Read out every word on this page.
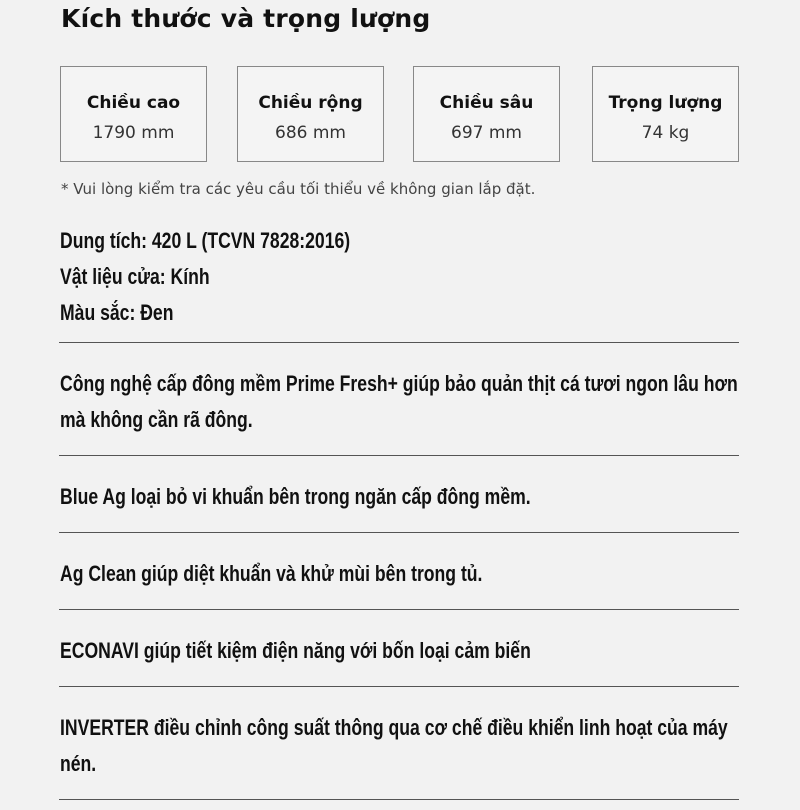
Kích thước và trọng lượng
Chiều cao
1790 mm
Chiều rộng
686 mm
Chiều sâu
697 mm
Trọng lượng
74 kg
* Vui lòng kiểm tra các yêu cầu tối thiểu về không gian lắp đặt.
Dung tích: 420 L (TCVN 7828:2016)
Vật liệu cửa: Kính
Màu sắc: Đen
Công nghệ cấp đông mềm Prime Fresh+ giúp bảo quản thịt cá tươi ngon lâu hơn mà không cần rã đông.
Blue Ag loại bỏ vi khuẩn bên trong ngăn cấp đông mềm.
Ag Clean giúp diệt khuẩn và khử mùi bên trong tủ.
ECONAVI giúp tiết kiệm điện năng với bốn loại cảm biến
INVERTER điều chỉnh công suất thông qua cơ chế điều khiển linh hoạt của máy nén.
